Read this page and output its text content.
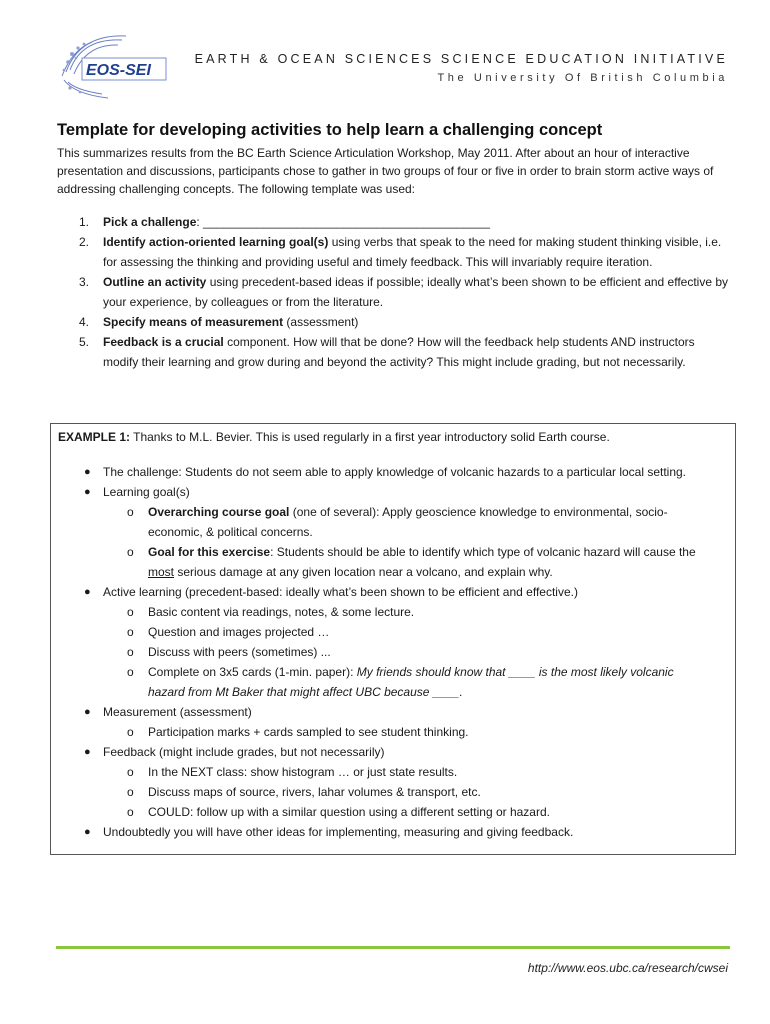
EOS-SEI
EARTH & OCEAN SCIENCES SCIENCE EDUCATION INITIATIVE
The University Of British Columbia
Template for developing activities to help learn a challenging concept

This summarizes results from the BC Earth Science Articulation Workshop, May 2011. After about an hour of interactive presentation and discussions, participants chose to gather in two groups of four or five in order to brain storm active ways of addressing challenging concepts. The following template was used:

1. Pick a challenge: ___________________________________________
2. Identify action-oriented learning goal(s) using verbs that speak to the need for making student thinking visible, i.e. for assessing the thinking and providing useful and timely feedback. This will invariably require iteration.
3. Outline an activity using precedent-based ideas if possible; ideally what’s been shown to be efficient and effective by your experience, by colleagues or from the literature.
4. Specify means of measurement (assessment)
5. Feedback is a crucial component. How will that be done? How will the feedback help students AND instructors modify their learning and grow during and beyond the activity? This might include grading, but not necessarily.
EXAMPLE 1: Thanks to M.L. Bevier. This is used regularly in a first year introductory solid Earth course.
● The challenge: Students do not seem able to apply knowledge of volcanic hazards to a particular local setting.
● Learning goal(s)
o Overarching course goal (one of several): Apply geoscience knowledge to environmental, socio-
economic, & political concerns.
o Goal for this exercise: Students should be able to identify which type of volcanic hazard will cause the
most serious damage at any given location near a volcano, and explain why.
● Active learning (precedent-based: ideally what’s been shown to be efficient and effective.)
o Basic content via readings, notes, & some lecture.
o Question and images projected …
o Discuss with peers (sometimes) ...
o Complete on 3x5 cards (1-min. paper): My friends should know that ____ is the most likely volcanic
hazard from Mt Baker that might affect UBC because ____.
● Measurement (assessment)
o Participation marks + cards sampled to see student thinking.
● Feedback (might include grades, but not necessarily)
o In the NEXT class: show histogram … or just state results.
o Discuss maps of source, rivers, lahar volumes & transport, etc.
o COULD: follow up with a similar question using a different setting or hazard.
● Undoubtedly you will have other ideas for implementing, measuring and giving feedback.
http://www.eos.ubc.ca/research/cwsei
